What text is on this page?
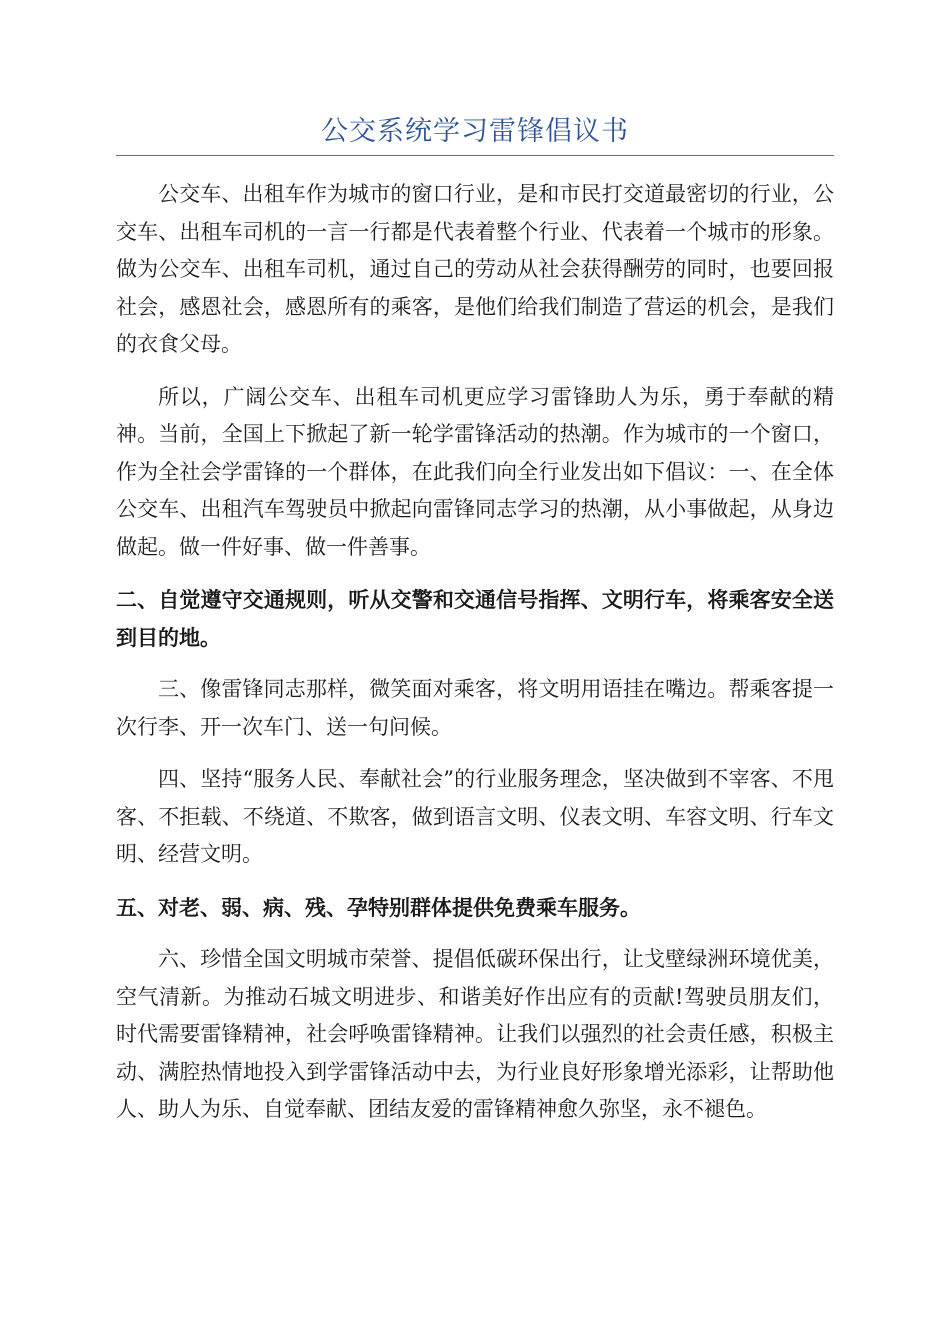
公交系统学习雷锋倡议书

公交车、出租车作为城市的窗口行业，是和市民打交道最密切的行业，公交车、出租车司机的一言一行都是代表着整个行业、代表着一个城市的形象。做为公交车、出租车司机，通过自己的劳动从社会获得酬劳的同时，也要回报社会，感恩社会，感恩所有的乘客，是他们给我们制造了营运的机会，是我们的衣食父母。

所以，广阔公交车、出租车司机更应学习雷锋助人为乐，勇于奉献的精神。当前，全国上下掀起了新一轮学雷锋活动的热潮。作为城市的一个窗口，作为全社会学雷锋的一个群体，在此我们向全行业发出如下倡议：一、在全体公交车、出租汽车驾驶员中掀起向雷锋同志学习的热潮，从小事做起，从身边做起。做一件好事、做一件善事。

二、自觉遵守交通规则，听从交警和交通信号指挥、文明行车，将乘客安全送到目的地。

三、像雷锋同志那样，微笑面对乘客，将文明用语挂在嘴边。帮乘客提一次行李、开一次车门、送一句问候。

四、坚持“服务人民、奉献社会”的行业服务理念，坚决做到不宰客、不甩客、不拒载、不绕道、不欺客，做到语言文明、仪表文明、车容文明、行车文明、经营文明。

五、对老、弱、病、残、孕特别群体提供免费乘车服务。

六、珍惜全国文明城市荣誉、提倡低碳环保出行，让戈壁绿洲环境优美，空气清新。为推动石城文明进步、和谐美好作出应有的贡献!驾驶员朋友们，时代需要雷锋精神，社会呼唤雷锋精神。让我们以强烈的社会责任感，积极主动、满腔热情地投入到学雷锋活动中去，为行业良好形象增光添彩，让帮助他人、助人为乐、自觉奉献、团结友爱的雷锋精神愈久弥坚，永不褪色。
